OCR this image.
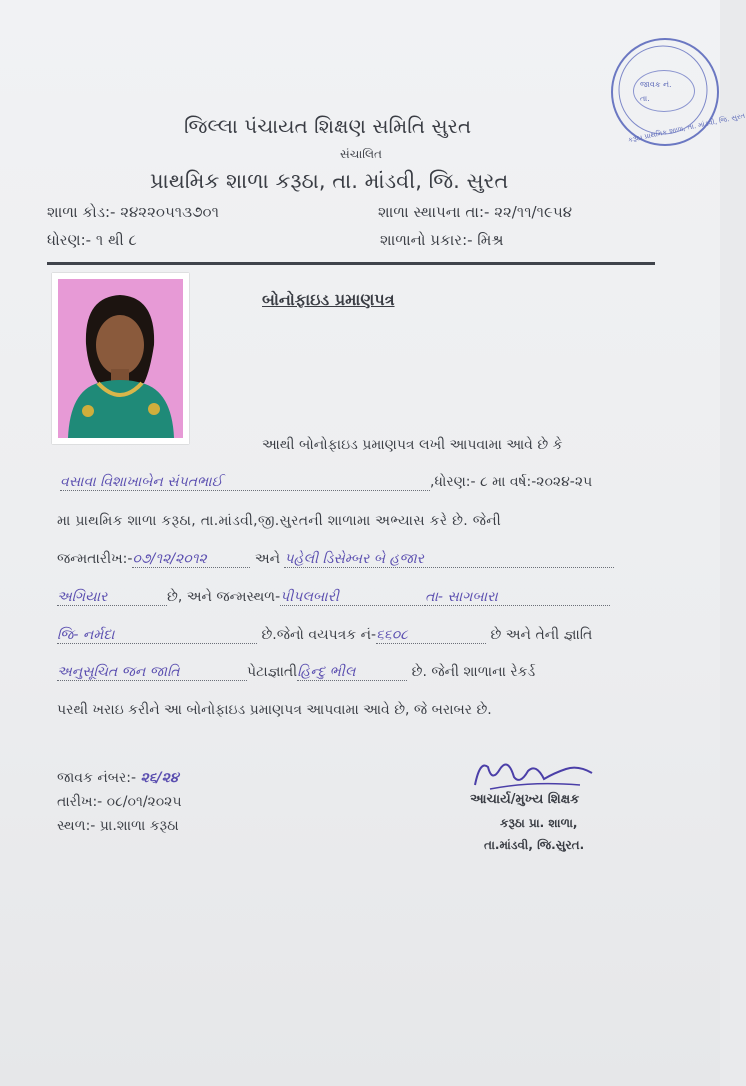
જાવક નં.
તા.
કરૂઠા પ્રાથમિક શાળા, તા. માંડવી, જિ. સુરત
જિલ્લા પંચાયત શિક્ષણ સમિતિ સુરત
સંચાલિત
પ્રાથમિક શાળા કરૂઠા, તા. માંડવી, જિ. સુરત
શાળા કોડ:- ૨૪૨૨૦૫૧૩૭૦૧	શાળા સ્થાપના તા:- ૨૨/૧૧/૧૯૫૪
ધોરણ:- ૧ થી ૮	શાળાનો પ્રકાર:- મિશ્ર
બોનોફાઇડ પ્રમાણપત્ર
આથી બોનોફાઇડ પ્રમાણપત્ર લખી આપવામા આવે છે કે
વસાવા વિશાખાબેન સંપતભાઈ	,ધોરણ:- ૮ મા વર્ષ:-૨૦૨૪-૨૫
મા પ્રાથમિક શાળા કરૂઠા, તા.માંડવી,જી.સુરતની શાળામા અભ્યાસ કરે છે. જેની
જન્મતારીખ:-૦૭/૧૨/૨૦૧૨	અને પહેલી ડિસેમ્બર બે હજાર
અગિયાર	છે, અને જન્મસ્થળ-પીપલબારી	તા- સાગબારા
જિ- નર્મદા	છે.જેનો વયપત્રક નં-૬૬૦૮	છે અને તેની જ્ઞાતિ
અનુસૂચિત જન જાતિ	પેટાજ્ઞાતીહિન્દુ ભીલ	છે. જેની શાળાના રેકર્ડ
પરથી ખરાઇ કરીને આ બોનોફાઇડ પ્રમાણપત્ર આપવામા આવે છે, જે બરાબર છે.
જાવક નંબર:- ૨૬/૨૪
તારીખ:- ૦૮/૦૧/૨૦૨૫
સ્થળ:- પ્રા.શાળા કરૂઠા
આચાર્ય/મુખ્ય શિક્ષક
કરૂઠા પ્રા. શાળા,
તા.માંડવી, જિ.સુરત.
